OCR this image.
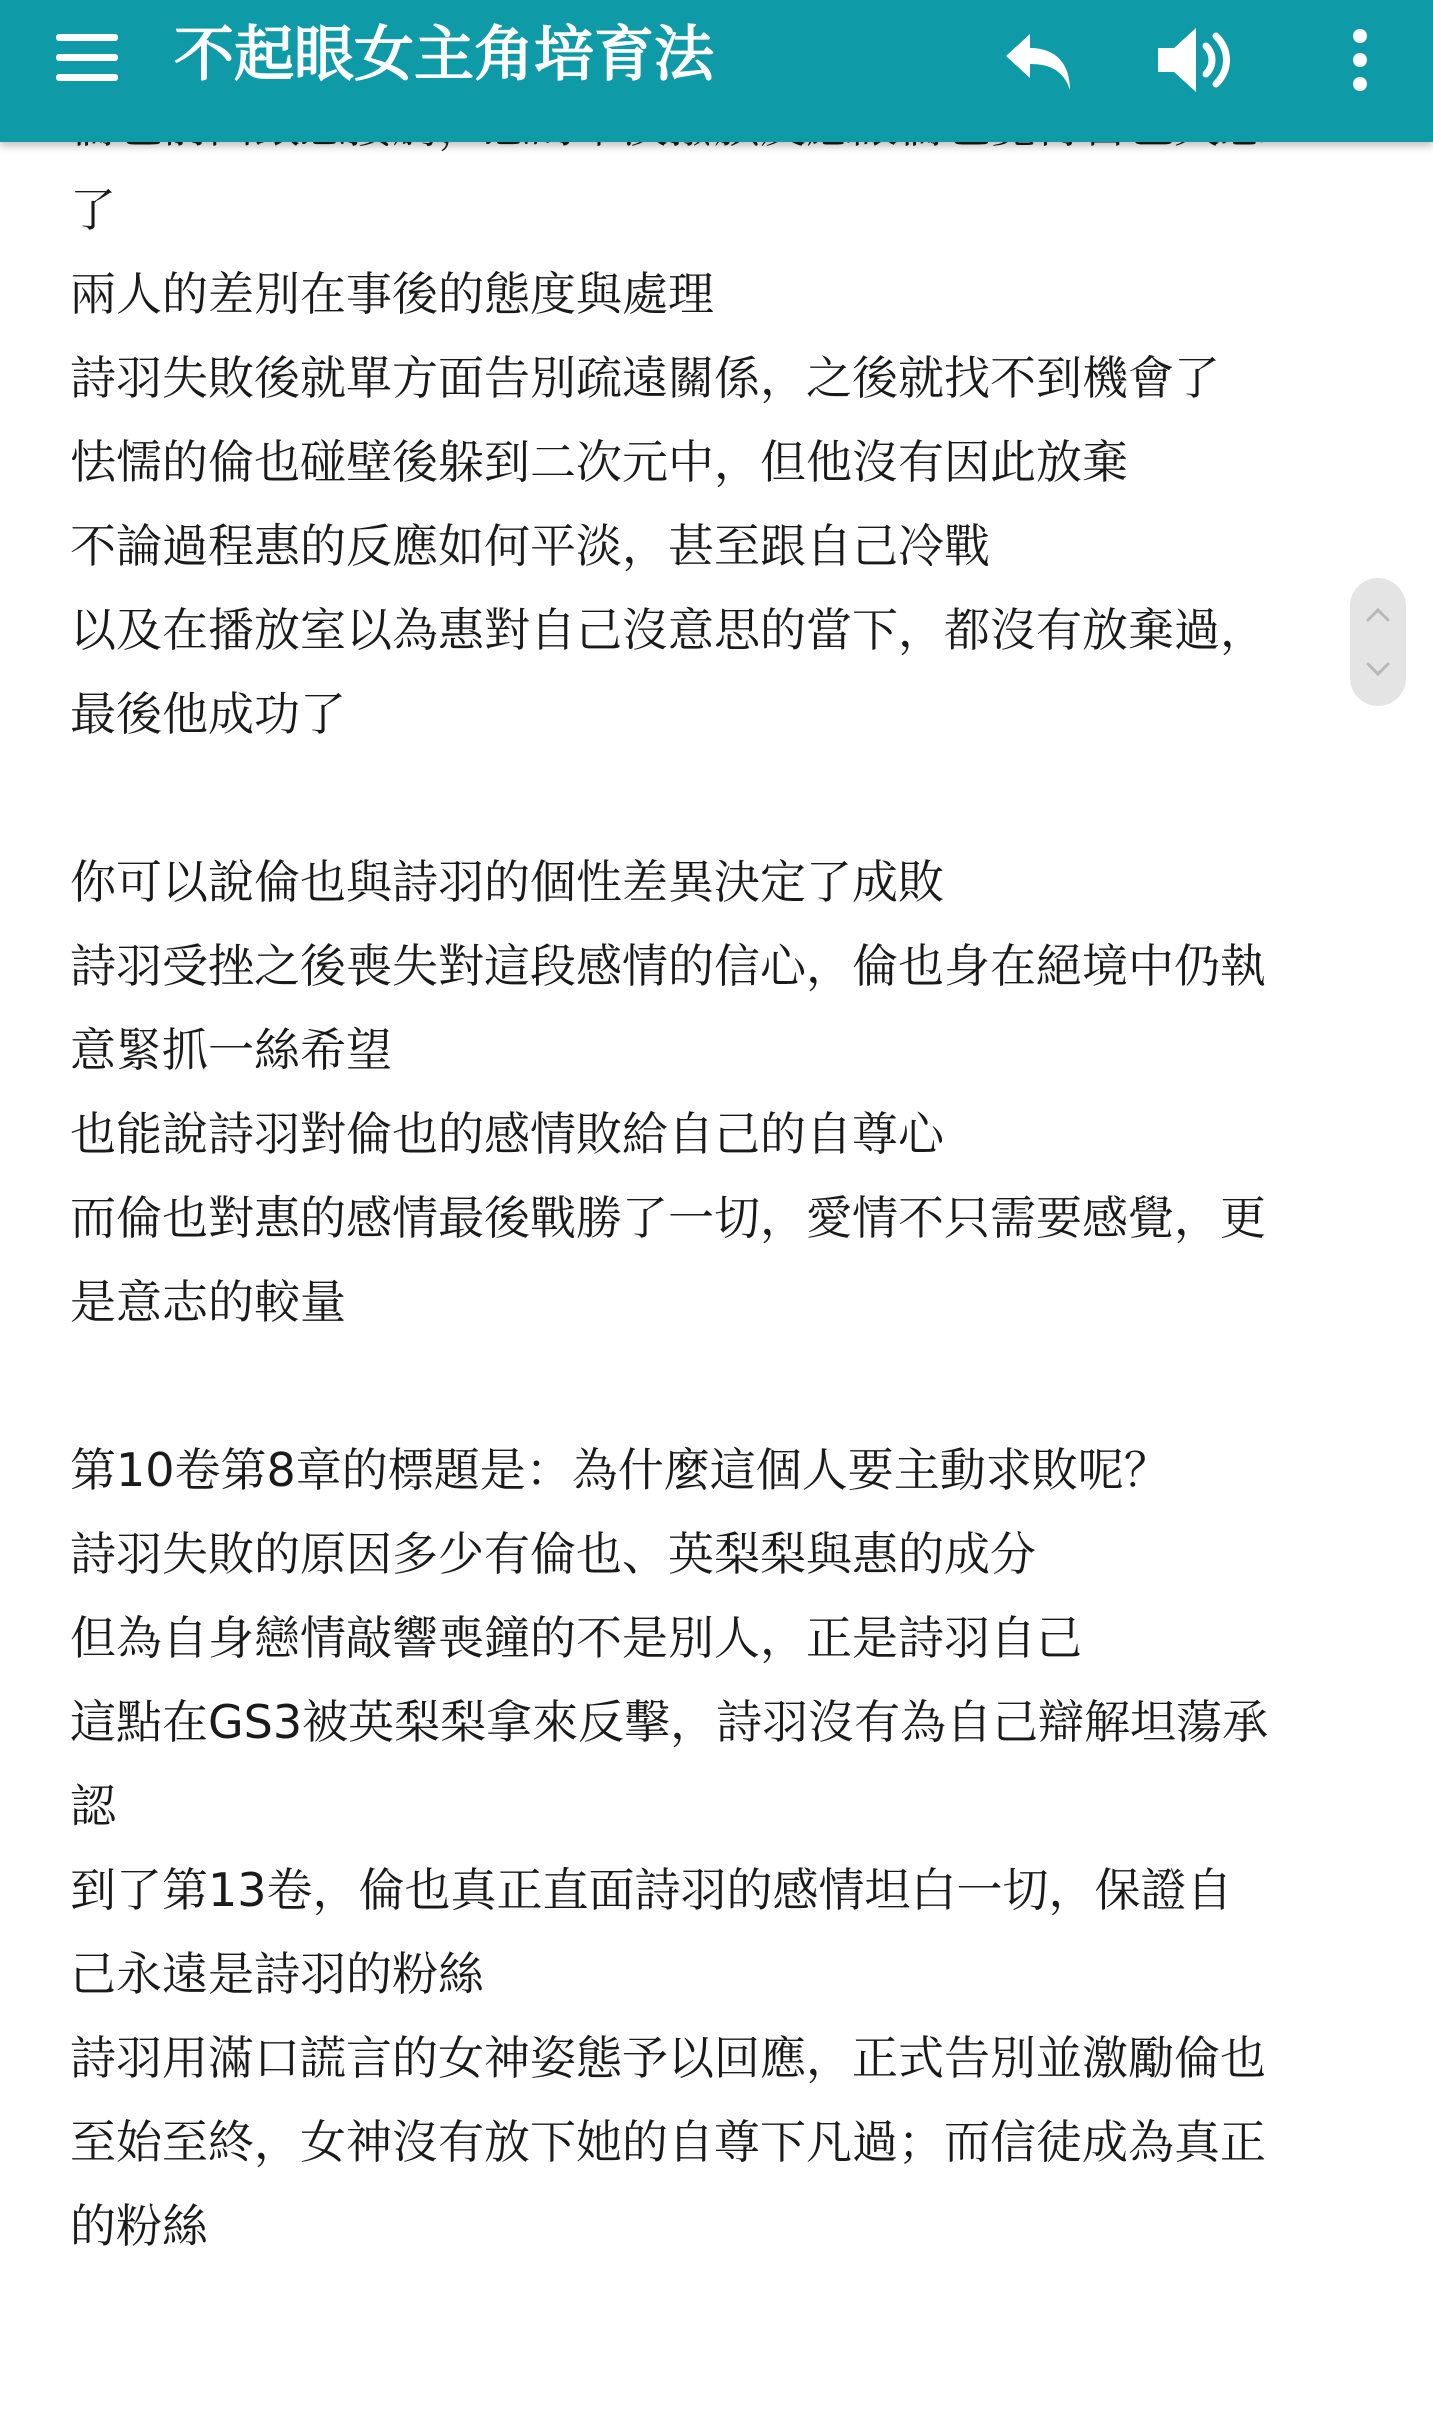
了
兩人的差別在事後的態度與處理
詩羽失敗後就單方面告別疏遠關係，之後就找不到機會了
怯懦的倫也碰壁後躲到二次元中，但他沒有因此放棄
不論過程惠的反應如何平淡，甚至跟自己冷戰
以及在播放室以為惠對自己沒意思的當下，都沒有放棄過，
最後他成功了
你可以說倫也與詩羽的個性差異決定了成敗
詩羽受挫之後喪失對這段感情的信心，倫也身在絕境中仍執
意緊抓一絲希望
也能說詩羽對倫也的感情敗給自己的自尊心
而倫也對惠的感情最後戰勝了一切，愛情不只需要感覺，更
是意志的較量
第10卷第8章的標題是：為什麼這個人要主動求敗呢？
詩羽失敗的原因多少有倫也、英梨梨與惠的成分
但為自身戀情敲響喪鐘的不是別人，正是詩羽自己
這點在GS3被英梨梨拿來反擊，詩羽沒有為自己辯解坦蕩承
認
到了第13卷，倫也真正直面詩羽的感情坦白一切，保證自
己永遠是詩羽的粉絲
詩羽用滿口謊言的女神姿態予以回應，正式告別並激勵倫也
至始至終，女神沒有放下她的自尊下凡過；而信徒成為真正
的粉絲
不起眼女主角培育法
